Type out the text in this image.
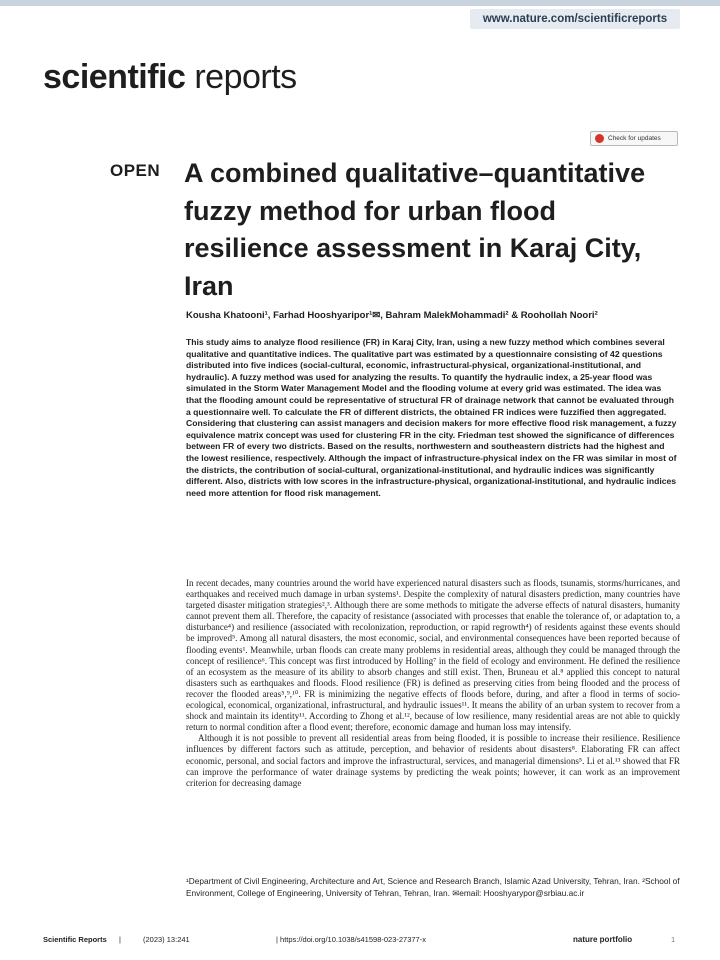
www.nature.com/scientificreports
scientific reports
Check for updates
OPEN A combined qualitative–quantitative fuzzy method for urban flood resilience assessment in Karaj City, Iran
Kousha Khatooni¹, Farhad Hooshyaripor¹✉, Bahram MalekMohammadi² & Roohollah Noori²

This study aims to analyze flood resilience (FR) in Karaj City, Iran, using a new fuzzy method which combines several qualitative and quantitative indices. The qualitative part was estimated by a questionnaire consisting of 42 questions distributed into five indices (social-cultural, economic, infrastructural-physical, organizational-institutional, and hydraulic). A fuzzy method was used for analyzing the results. To quantify the hydraulic index, a 25-year flood was simulated in the Storm Water Management Model and the flooding volume at every grid was estimated. The idea was that the flooding amount could be representative of structural FR of drainage network that cannot be evaluated through a questionnaire well. To calculate the FR of different districts, the obtained FR indices were fuzzified then aggregated. Considering that clustering can assist managers and decision makers for more effective flood risk management, a fuzzy equivalence matrix concept was used for clustering FR in the city. Friedman test showed the significance of differences between FR of every two districts. Based on the results, northwestern and southeastern districts had the highest and the lowest resilience, respectively. Although the impact of infrastructure-physical index on the FR was similar in most of the districts, the contribution of social-cultural, organizational-institutional, and hydraulic indices was significantly different. Also, districts with low scores in the infrastructure-physical, organizational-institutional, and hydraulic indices need more attention for flood risk management.

In recent decades, many countries around the world have experienced natural disasters such as floods, tsunamis, storms/hurricanes, and earthquakes and received much damage in urban systems¹. Despite the complexity of natural disasters prediction, many countries have targeted disaster mitigation strategies²,³. Although there are some methods to mitigate the adverse effects of natural disasters, humanity cannot prevent them all. Therefore, the capacity of resistance (associated with processes that enable the tolerance of, or adaptation to, a disturbance⁴) and resilience (associated with recolonization, reproduction, or rapid regrowth⁴) of residents against these events should be improved⁵. Among all natural disasters, the most economic, social, and environmental consequences have been reported because of flooding events¹. Meanwhile, urban floods can create many problems in residential areas, although they could be managed through the concept of resilience⁶. This concept was first introduced by Holling⁷ in the field of ecology and environment. He defined the resilience of an ecosystem as the measure of its ability to absorb changes and still exist. Then, Bruneau et al.⁸ applied this concept to natural disasters such as earthquakes and floods. Flood resilience (FR) is defined as preserving cities from being flooded and the process of recover the flooded areas⁵,⁹,¹⁰. FR is minimizing the negative effects of floods before, during, and after a flood in terms of socio-ecological, economical, organizational, infrastructural, and hydraulic issues¹¹. It means the ability of an urban system to recover from a shock and maintain its identity¹¹. According to Zhong et al.¹², because of low resilience, many residential areas are not able to quickly return to normal condition after a flood event; therefore, economic damage and human loss may intensify.

Although it is not possible to prevent all residential areas from being flooded, it is possible to increase their resilience. Resilience influences by different factors such as attitude, perception, and behavior of residents about disasters⁸. Elaborating FR can affect economic, personal, and social factors and improve the infrastructural, services, and managerial dimensions⁵. Li et al.¹³ showed that FR can improve the performance of water drainage systems by predicting the weak points; however, it can work as an improvement criterion for decreasing damage

¹Department of Civil Engineering, Architecture and Art, Science and Research Branch, Islamic Azad University, Tehran, Iran. ²School of Environment, College of Engineering, University of Tehran, Tehran, Iran. ✉email: Hooshyarypor@srbiau.ac.ir

Scientific Reports |	(2023) 13:241	| https://doi.org/10.1038/s41598-023-27377-x	nature portfolio	1
